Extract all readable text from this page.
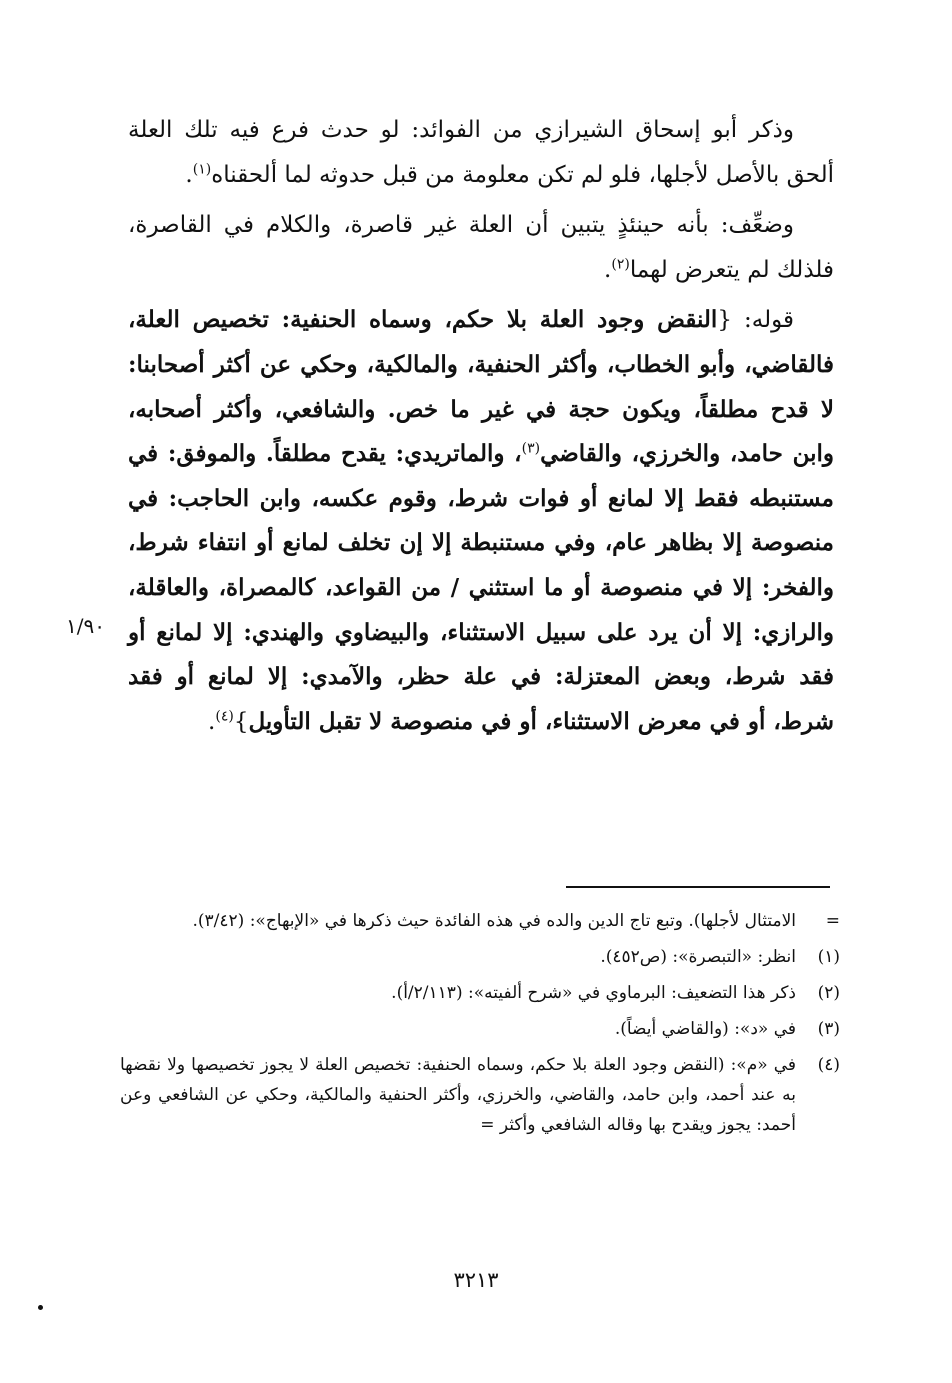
وذكر أبو إسحاق الشيرازي من الفوائد: لو حدث فرع فيه تلك العلة ألحق بالأصل لأجلها، فلو لم تكن معلومة من قبل حدوثه لما ألحقناه$^{(١)}$.

وضعِّف: بأنه حينئذٍ يتبين أن العلة غير قاصرة، والكلام في القاصرة، فلذلك لم يتعرض لهما$^{(٢)}$.

قوله: {النقض وجود العلة بلا حكم، وسماه الحنفية: تخصيص العلة، فالقاضي، وأبو الخطاب، وأكثر الحنفية، والمالكية، وحكي عن أكثر أصحابنا: لا قدح مطلقاً، ويكون حجة في غير ما خص. والشافعي، وأكثر أصحابه، وابن حامد، والخرزي، والقاضي$^{(٣)}$، والماتريدي: يقدح مطلقاً. والموفق: في مستنبطه فقط إلا لمانع أو فوات شرط، وقوم عكسه، وابن الحاجب: في منصوصة إلا بظاهر عام، وفي مستنبطة إلا إن تخلف لمانع أو انتفاء شرط، والفخر: إلا في منصوصة أو ما استثني / من القواعد، كالمصراة، والعاقلة، والرازي: إلا أن يرد على سبيل الاستثناء، والبيضاوي والهندي: إلا لمانع أو فقد شرط، وبعض المعتزلة: في علة حظر، والآمدي: إلا لمانع أو فقد شرط، أو في معرض الاستثناء، أو في منصوصة لا تقبل التأويل}$^{(٤)}$.

١/٩٠
=
الامتثال لأجلها). وتبع تاج الدين والده في هذه الفائدة حيث ذكرها في «الإبهاج»: (٣/٤٢).
(١)
انظر: «التبصرة»: (ص٤٥٢).
(٢)
ذكر هذا التضعيف: البرماوي في «شرح ألفيته»: (٢/١١٣/أ).
(٣)
في «د»: (والقاضي أيضاً).
(٤)
في «م»: (النقض وجود العلة بلا حكم، وسماه الحنفية: تخصيص العلة لا يجوز تخصيصها ولا نقضها به عند أحمد، وابن حامد، والقاضي، والخرزي، وأكثر الحنفية والمالكية، وحكي عن الشافعي وعن أحمد: يجوز ويقدح بها وقاله الشافعي وأكثر =
٣٢١٣
